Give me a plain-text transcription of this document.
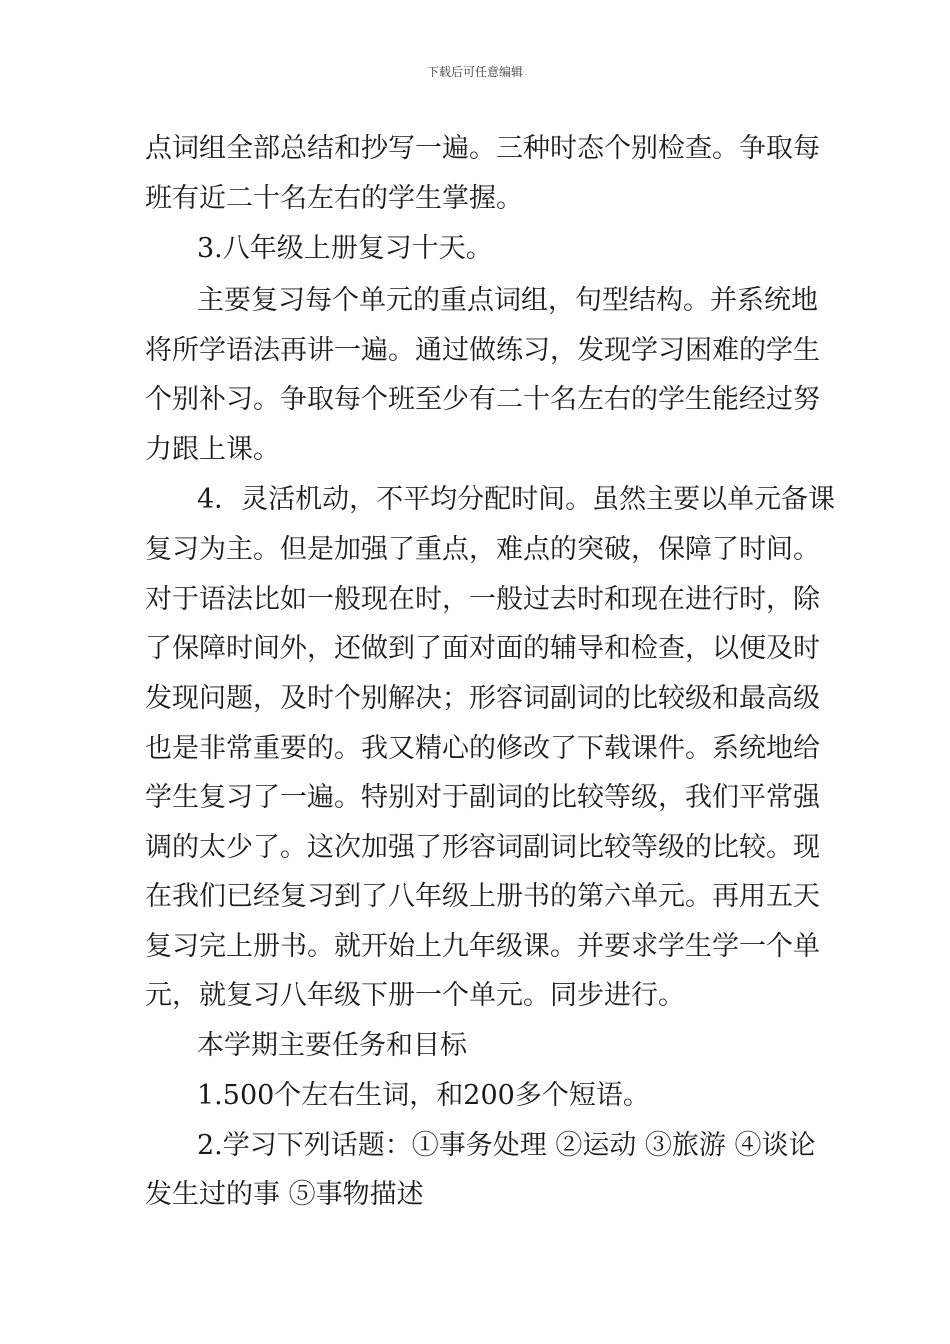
下载后可任意编辑
点词组全部总结和抄写一遍。三种时态个别检查。争取每
班有近二十名左右的学生掌握。
3.八年级上册复习十天。
主要复习每个单元的重点词组，句型结构。并系统地
将所学语法再讲一遍。通过做练习，发现学习困难的学生
个别补习。争取每个班至少有二十名左右的学生能经过努
力跟上课。
4．灵活机动，不平均分配时间。虽然主要以单元备课
复习为主。但是加强了重点，难点的突破，保障了时间。
对于语法比如一般现在时，一般过去时和现在进行时，除
了保障时间外，还做到了面对面的辅导和检查，以便及时
发现问题，及时个别解决；形容词副词的比较级和最高级
也是非常重要的。我又精心的修改了下载课件。系统地给
学生复习了一遍。特别对于副词的比较等级，我们平常强
调的太少了。这次加强了形容词副词比较等级的比较。现
在我们已经复习到了八年级上册书的第六单元。再用五天
复习完上册书。就开始上九年级课。并要求学生学一个单
元，就复习八年级下册一个单元。同步进行。
本学期主要任务和目标
1.500个左右生词，和200多个短语。
2.学习下列话题：①事务处理 ②运动 ③旅游 ④谈论
发生过的事 ⑤事物描述
